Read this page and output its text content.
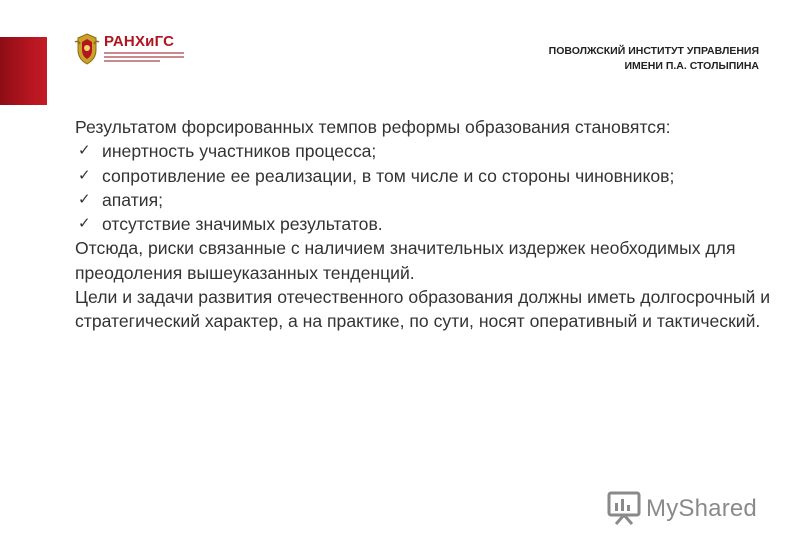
РАНХиГС
ПОВОЛЖСКИЙ ИНСТИТУТ УПРАВЛЕНИЯ
ИМЕНИ П.А. СТОЛЫПИНА

Результатом форсированных темпов реформы образования становятся:

✓ инертность участников процесса;
✓ сопротивление ее реализации, в том числе и со стороны чиновников;
✓ апатия;
✓ отсутствие значимых результатов.

Отсюда, риски связанные с наличием значительных издержек необходимых для преодоления вышеуказанных тенденций.

Цели и задачи развития отечественного образования должны иметь долгосрочный и стратегический характер, а на практике, по сути, носят оперативный и тактический.

MyShared
